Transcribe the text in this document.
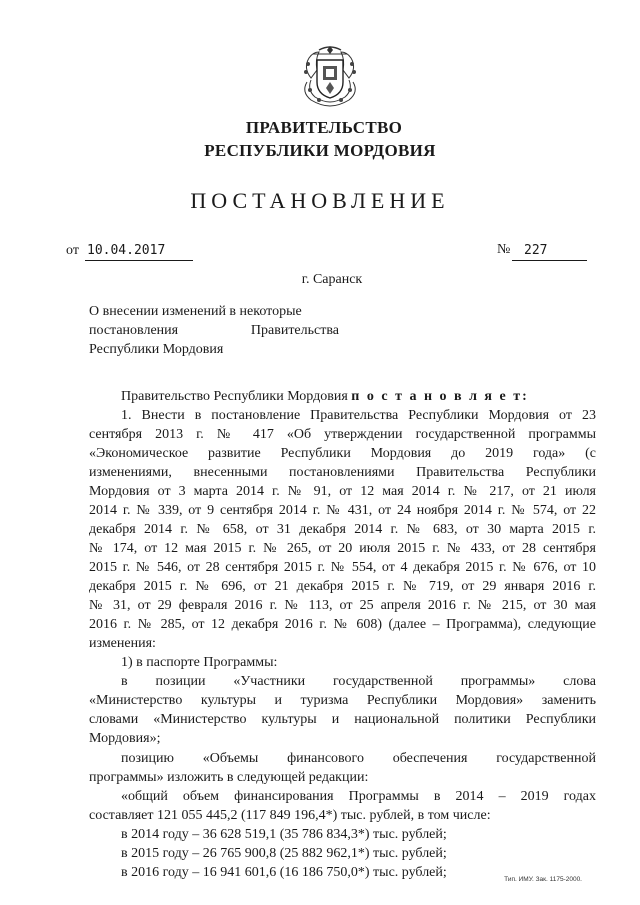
ПРАВИТЕЛЬСТВО
РЕСПУБЛИКИ МОРДОВИЯ
ПОСТАНОВЛЕНИЕ
от 10.04.2017	№	227
г. Саранск
О внесении изменений в некоторые
постановления	Правительства
Республики Мордовия
Правительство Республики Мордовия п о с т а н о в л я е т:
1. Внести в постановление Правительства Республики Мордовия от 23
сентября 2013 г. № 417 «Об утверждении государственной программы
«Экономическое развитие Республики Мордовия до 2019 года» (с
изменениями, внесенными постановлениями Правительства Республики
Мордовия от 3 марта 2014 г. № 91, от 12 мая 2014 г. № 217, от 21 июля
2014 г. № 339, от 9 сентября 2014 г. № 431, от 24 ноября 2014 г. № 574, от 22
декабря 2014 г. № 658, от 31 декабря 2014 г. № 683, от 30 марта 2015 г.
№ 174, от 12 мая 2015 г. № 265, от 20 июля 2015 г. № 433, от 28 сентября
2015 г. № 546, от 28 сентября 2015 г. № 554, от 4 декабря 2015 г. № 676, от 10
декабря 2015 г. № 696, от 21 декабря 2015 г. № 719, от 29 января 2016 г.
№ 31, от 29 февраля 2016 г. № 113, от 25 апреля 2016 г. № 215, от 30 мая
2016 г. № 285, от 12 декабря 2016 г. № 608) (далее – Программа), следующие
изменения:
1) в паспорте Программы:
в позиции «Участники государственной программы» слова
«Министерство культуры и туризма Республики Мордовия» заменить
словами «Министерство культуры и национальной политики Республики
Мордовия»;
позицию «Объемы финансового обеспечения государственной
программы» изложить в следующей редакции:
«общий объем финансирования Программы в 2014 – 2019 годах
составляет 121 055 445,2 (117 849 196,4*) тыс. рублей, в том числе:
в 2014 году – 36 628 519,1 (35 786 834,3*) тыс. рублей;
в 2015 году – 26 765 900,8 (25 882 962,1*) тыс. рублей;
в 2016 году – 16 941 601,6 (16 186 750,0*) тыс. рублей;	Тип. ИМУ. Зак. 1175-2000.
